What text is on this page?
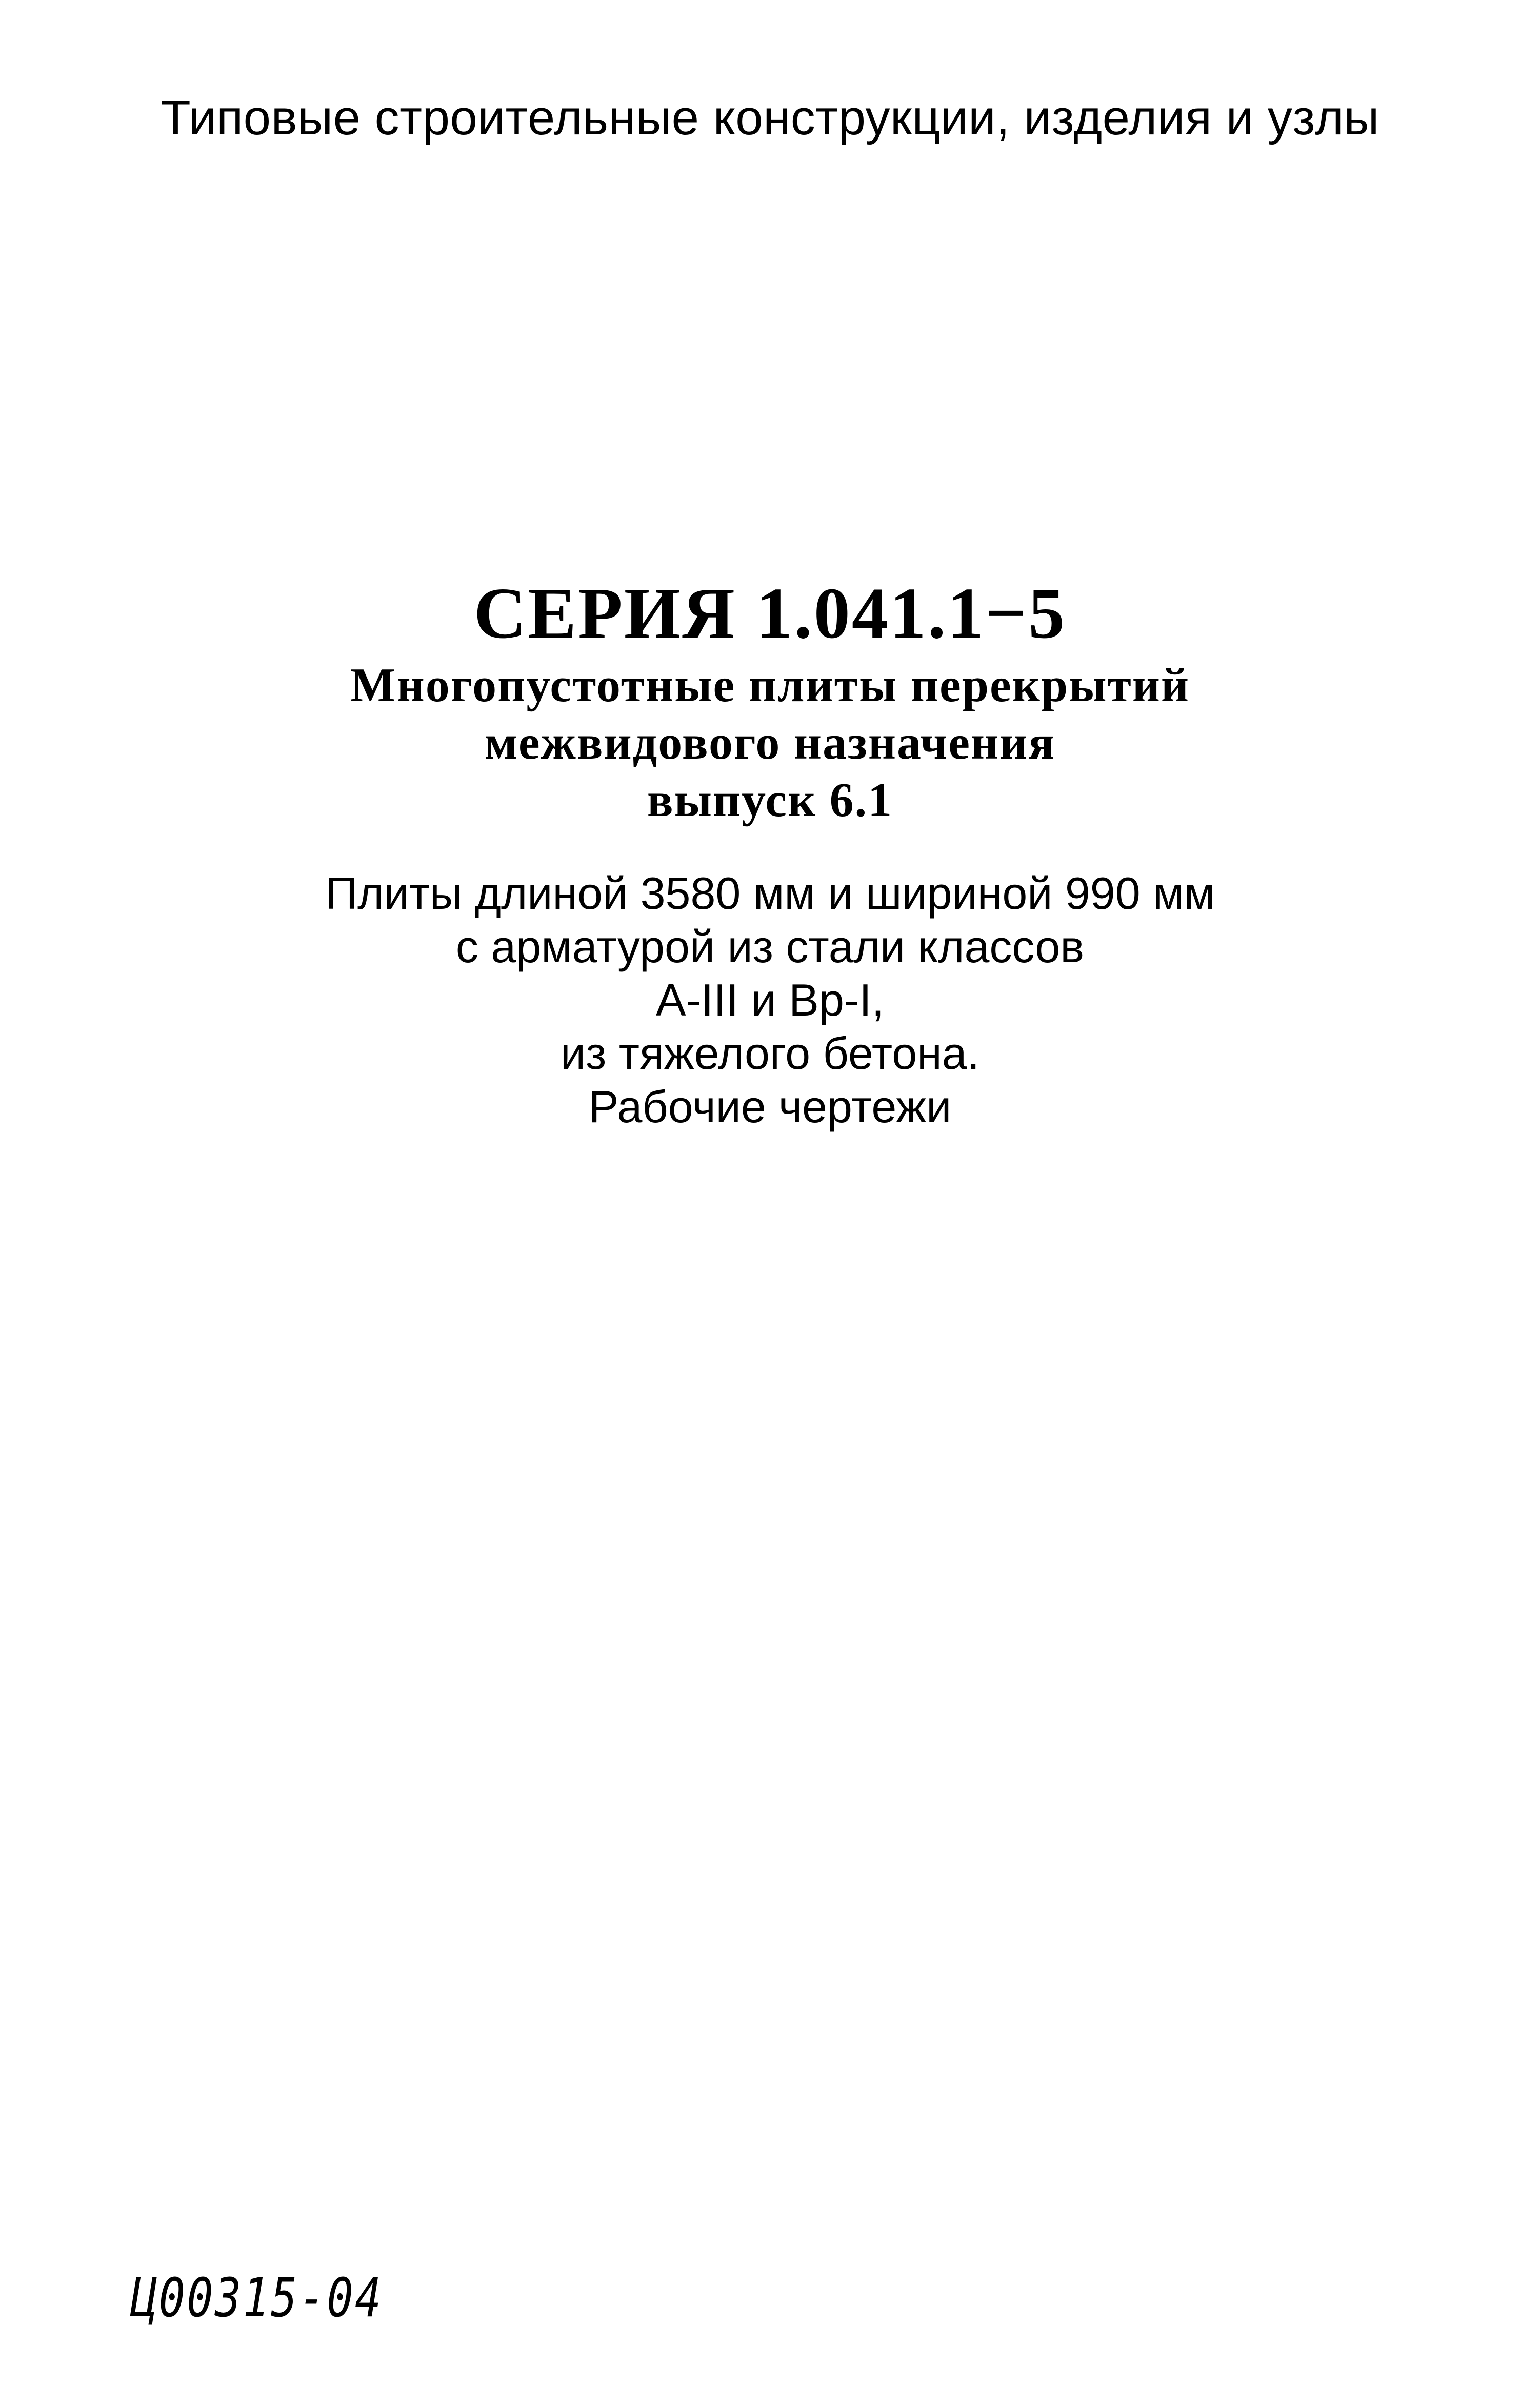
Типовые строительные конструкции, изделия и узлы
СЕРИЯ 1.041.1−5
Многопустотные плиты перекрытий
межвидового назначения
выпуск 6.1
Плиты длиной 3580 мм и шириной 990 мм
с арматурой из стали классов
А-III и Вр-I,
из тяжелого бетона.
Рабочие чертежи
Ц00315-04
